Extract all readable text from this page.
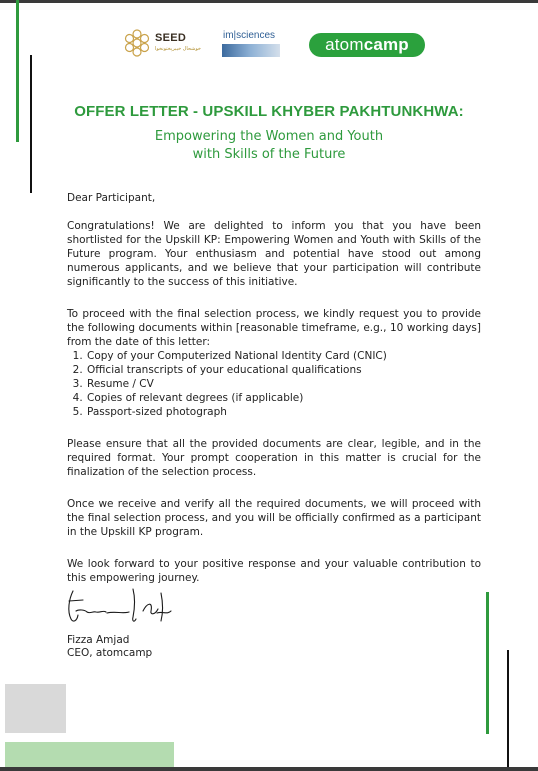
SEED
خوشحال خیبرپختونخوا
im|sciences	atomcamp
OFFER LETTER - UPSKILL KHYBER PAKHTUNKHWA:
Empowering the Women and Youth
with Skills of the Future
Dear Participant,
Congratulations! We are delighted to inform you that you have been shortlisted for the Upskill KP: Empowering Women and Youth with Skills of the Future program. Your enthusiasm and potential have stood out among numerous applicants, and we believe that your participation will contribute significantly to the success of this initiative.
To proceed with the final selection process, we kindly request you to provide the following documents within [reasonable timeframe, e.g., 10 working days] from the date of this letter:
1. Copy of your Computerized National Identity Card (CNIC)
2. Official transcripts of your educational qualifications
3. Resume / CV
4. Copies of relevant degrees (if applicable)
5. Passport-sized photograph
Please ensure that all the provided documents are clear, legible, and in the required format. Your prompt cooperation in this matter is crucial for the finalization of the selection process.
Once we receive and verify all the required documents, we will proceed with the final selection process, and you will be officially confirmed as a participant in the Upskill KP program.
We look forward to your positive response and your valuable contribution to this empowering journey.
Fizza Amjad
CEO, atomcamp
